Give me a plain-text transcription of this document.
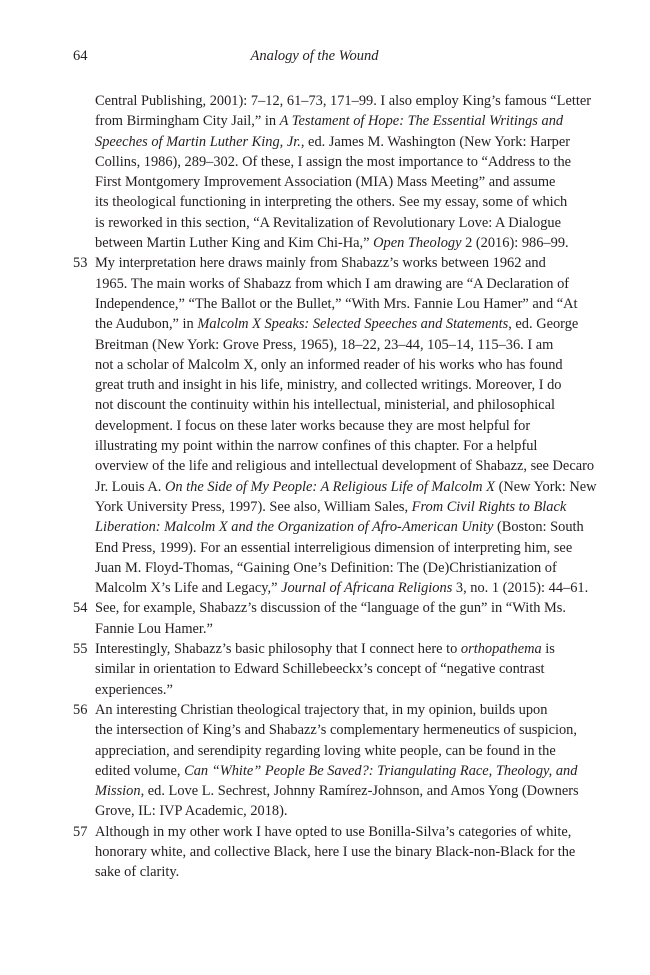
64	Analogy of the Wound
Central Publishing, 2001): 7–12, 61–73, 171–99. I also employ King’s famous “Letter
from Birmingham City Jail,” in A Testament of Hope: The Essential Writings and
Speeches of Martin Luther King, Jr., ed. James M. Washington (New York: Harper
Collins, 1986), 289–302. Of these, I assign the most importance to “Address to the
First Montgomery Improvement Association (MIA) Mass Meeting” and assume
its theological functioning in interpreting the others. See my essay, some of which
is reworked in this section, “A Revitalization of Revolutionary Love: A Dialogue
between Martin Luther King and Kim Chi-Ha,” Open Theology 2 (2016): 986–99.
53 My interpretation here draws mainly from Shabazz’s works between 1962 and
1965. The main works of Shabazz from which I am drawing are “A Declaration of
Independence,” “The Ballot or the Bullet,” “With Mrs. Fannie Lou Hamer” and “At
the Audubon,” in Malcolm X Speaks: Selected Speeches and Statements, ed. George
Breitman (New York: Grove Press, 1965), 18–22, 23–44, 105–14, 115–36. I am
not a scholar of Malcolm X, only an informed reader of his works who has found
great truth and insight in his life, ministry, and collected writings. Moreover, I do
not discount the continuity within his intellectual, ministerial, and philosophical
development. I focus on these later works because they are most helpful for
illustrating my point within the narrow confines of this chapter. For a helpful
overview of the life and religious and intellectual development of Shabazz, see Decaro
Jr. Louis A. On the Side of My People: A Religious Life of Malcolm X (New York: New
York University Press, 1997). See also, William Sales, From Civil Rights to Black
Liberation: Malcolm X and the Organization of Afro-American Unity (Boston: South
End Press, 1999). For an essential interreligious dimension of interpreting him, see
Juan M. Floyd-Thomas, “Gaining One’s Definition: The (De)Christianization of
Malcolm X’s Life and Legacy,” Journal of Africana Religions 3, no. 1 (2015): 44–61.
54 See, for example, Shabazz’s discussion of the “language of the gun” in “With Ms.
Fannie Lou Hamer.”
55 Interestingly, Shabazz’s basic philosophy that I connect here to orthopathema is
similar in orientation to Edward Schillebeeckx’s concept of “negative contrast
experiences.”
56 An interesting Christian theological trajectory that, in my opinion, builds upon
the intersection of King’s and Shabazz’s complementary hermeneutics of suspicion,
appreciation, and serendipity regarding loving white people, can be found in the
edited volume, Can “White” People Be Saved?: Triangulating Race, Theology, and
Mission, ed. Love L. Sechrest, Johnny Ramírez-Johnson, and Amos Yong (Downers
Grove, IL: IVP Academic, 2018).
57 Although in my other work I have opted to use Bonilla-Silva’s categories of white,
honorary white, and collective Black, here I use the binary Black-non-Black for the
sake of clarity.
